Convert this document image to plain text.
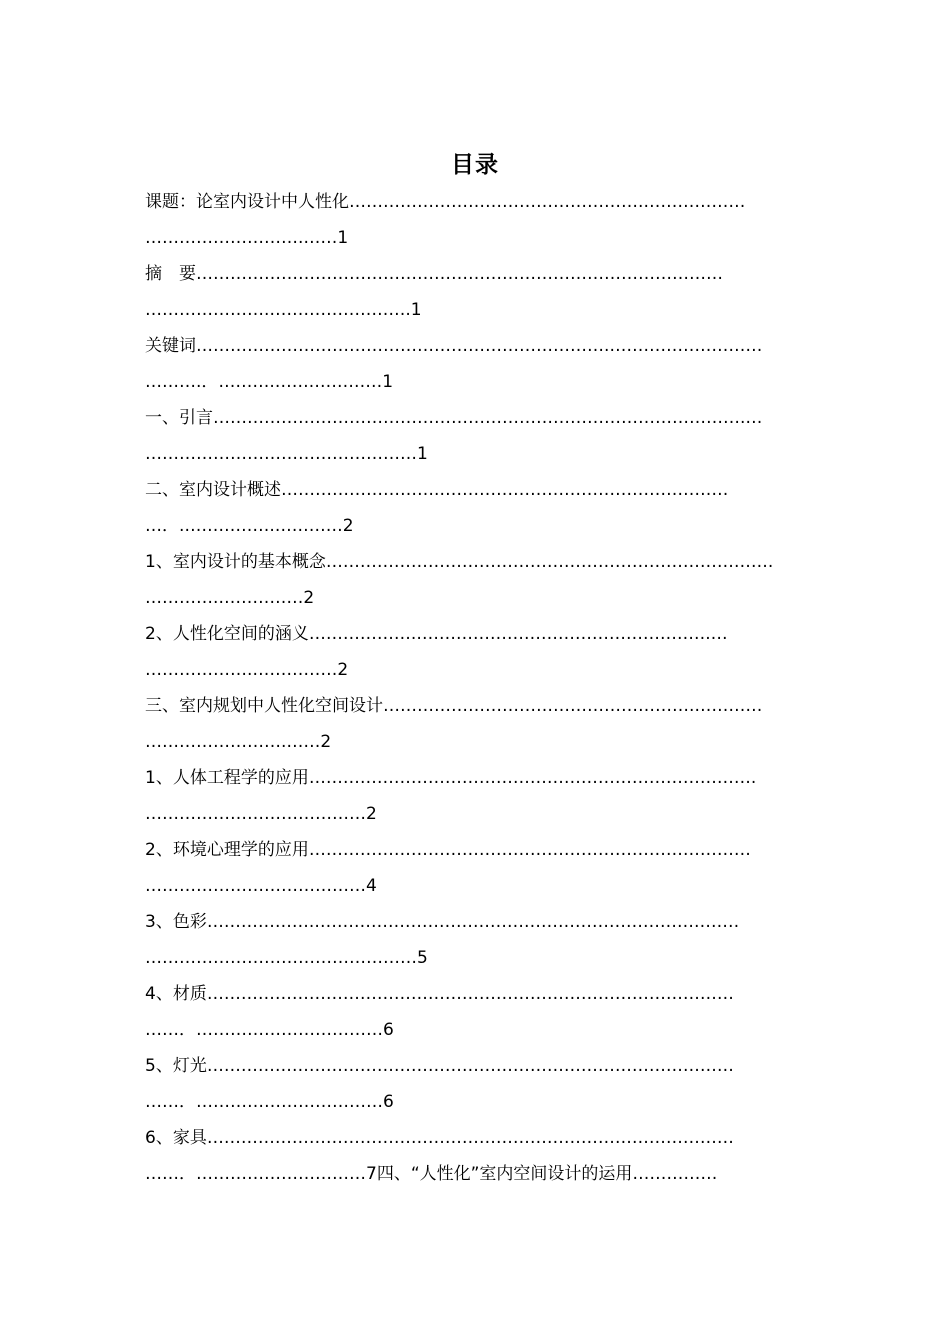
目录
课题：论室内设计中人性化…………………………………………….………………
……………………….……1
摘　要…………………………………………………………………………………
………………….…………………….1
关键词……………………………………………………………….………………………
……….．……….…….…………1
一、引言………………………………………………………………………………….…
…………………………………………1
二、室内设计概述……………………….……………………………………………
…．.…………….…………2
1、室内设计的基本概念…………………………………………………………………….
………….……………2
2、人性化空间的涵义……………….…………………………………………….…
……………….……………2
三、室内规划中人性化空间设计……………………………………………….…………
…………………….……2
1、人体工程学的应用…………………………………………………………………….
…………………………………2
2、环境心理学的应用……………………………………………………………………
…………………………………4
3、色彩……………….…………………………………………………………………
…………………………………………5
4、材质…………………………………………………………………………………
……．……………………………6
5、灯光…………………………………………………………………………………
……．……………………………6
6、家具…………………………………………………………………………………
……．…………………………7四、“人性化”室内空间设计的运用……………
